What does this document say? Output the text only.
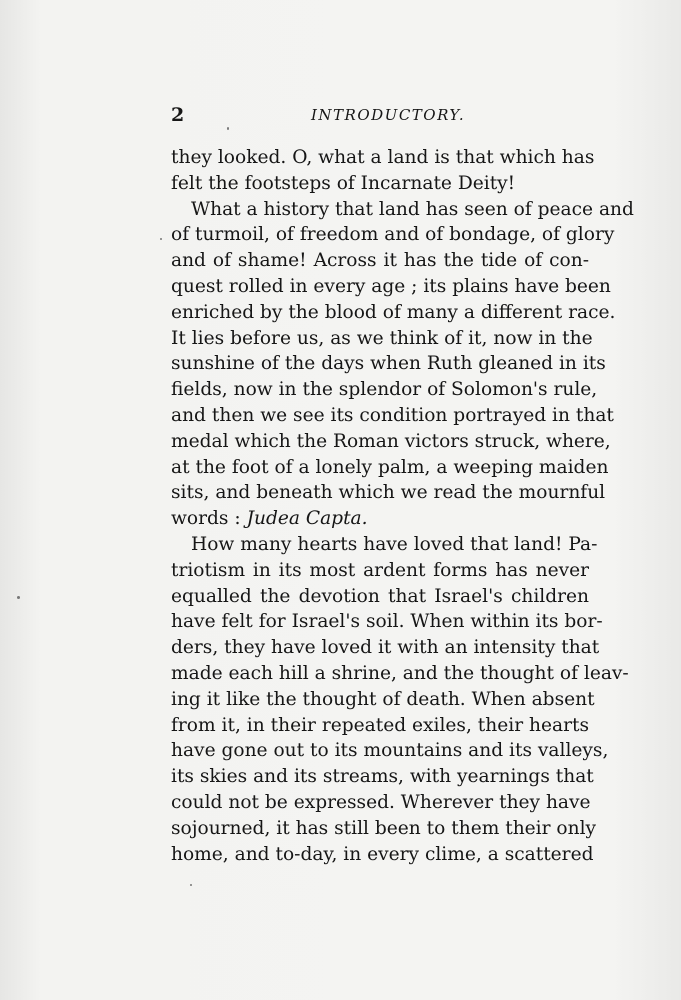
2	INTRODUCTORY.
they looked. O, what a land is that which has
felt the footsteps of Incarnate Deity!
What a history that land has seen of peace and
of turmoil, of freedom and of bondage, of glory
and of shame! Across it has the tide of con-
quest rolled in every age ; its plains have been
enriched by the blood of many a different race.
It lies before us, as we think of it, now in the
sunshine of the days when Ruth gleaned in its
fields, now in the splendor of Solomon's rule,
and then we see its condition portrayed in that
medal which the Roman victors struck, where,
at the foot of a lonely palm, a weeping maiden
sits, and beneath which we read the mournful
words : Judea Capta.
How many hearts have loved that land! Pa-
triotism in its most ardent forms has never
equalled the devotion that Israel's children
have felt for Israel's soil. When within its bor-
ders, they have loved it with an intensity that
made each hill a shrine, and the thought of leav-
ing it like the thought of death. When absent
from it, in their repeated exiles, their hearts
have gone out to its mountains and its valleys,
its skies and its streams, with yearnings that
could not be expressed. Wherever they have
sojourned, it has still been to them their only
home, and to-day, in every clime, a scattered
